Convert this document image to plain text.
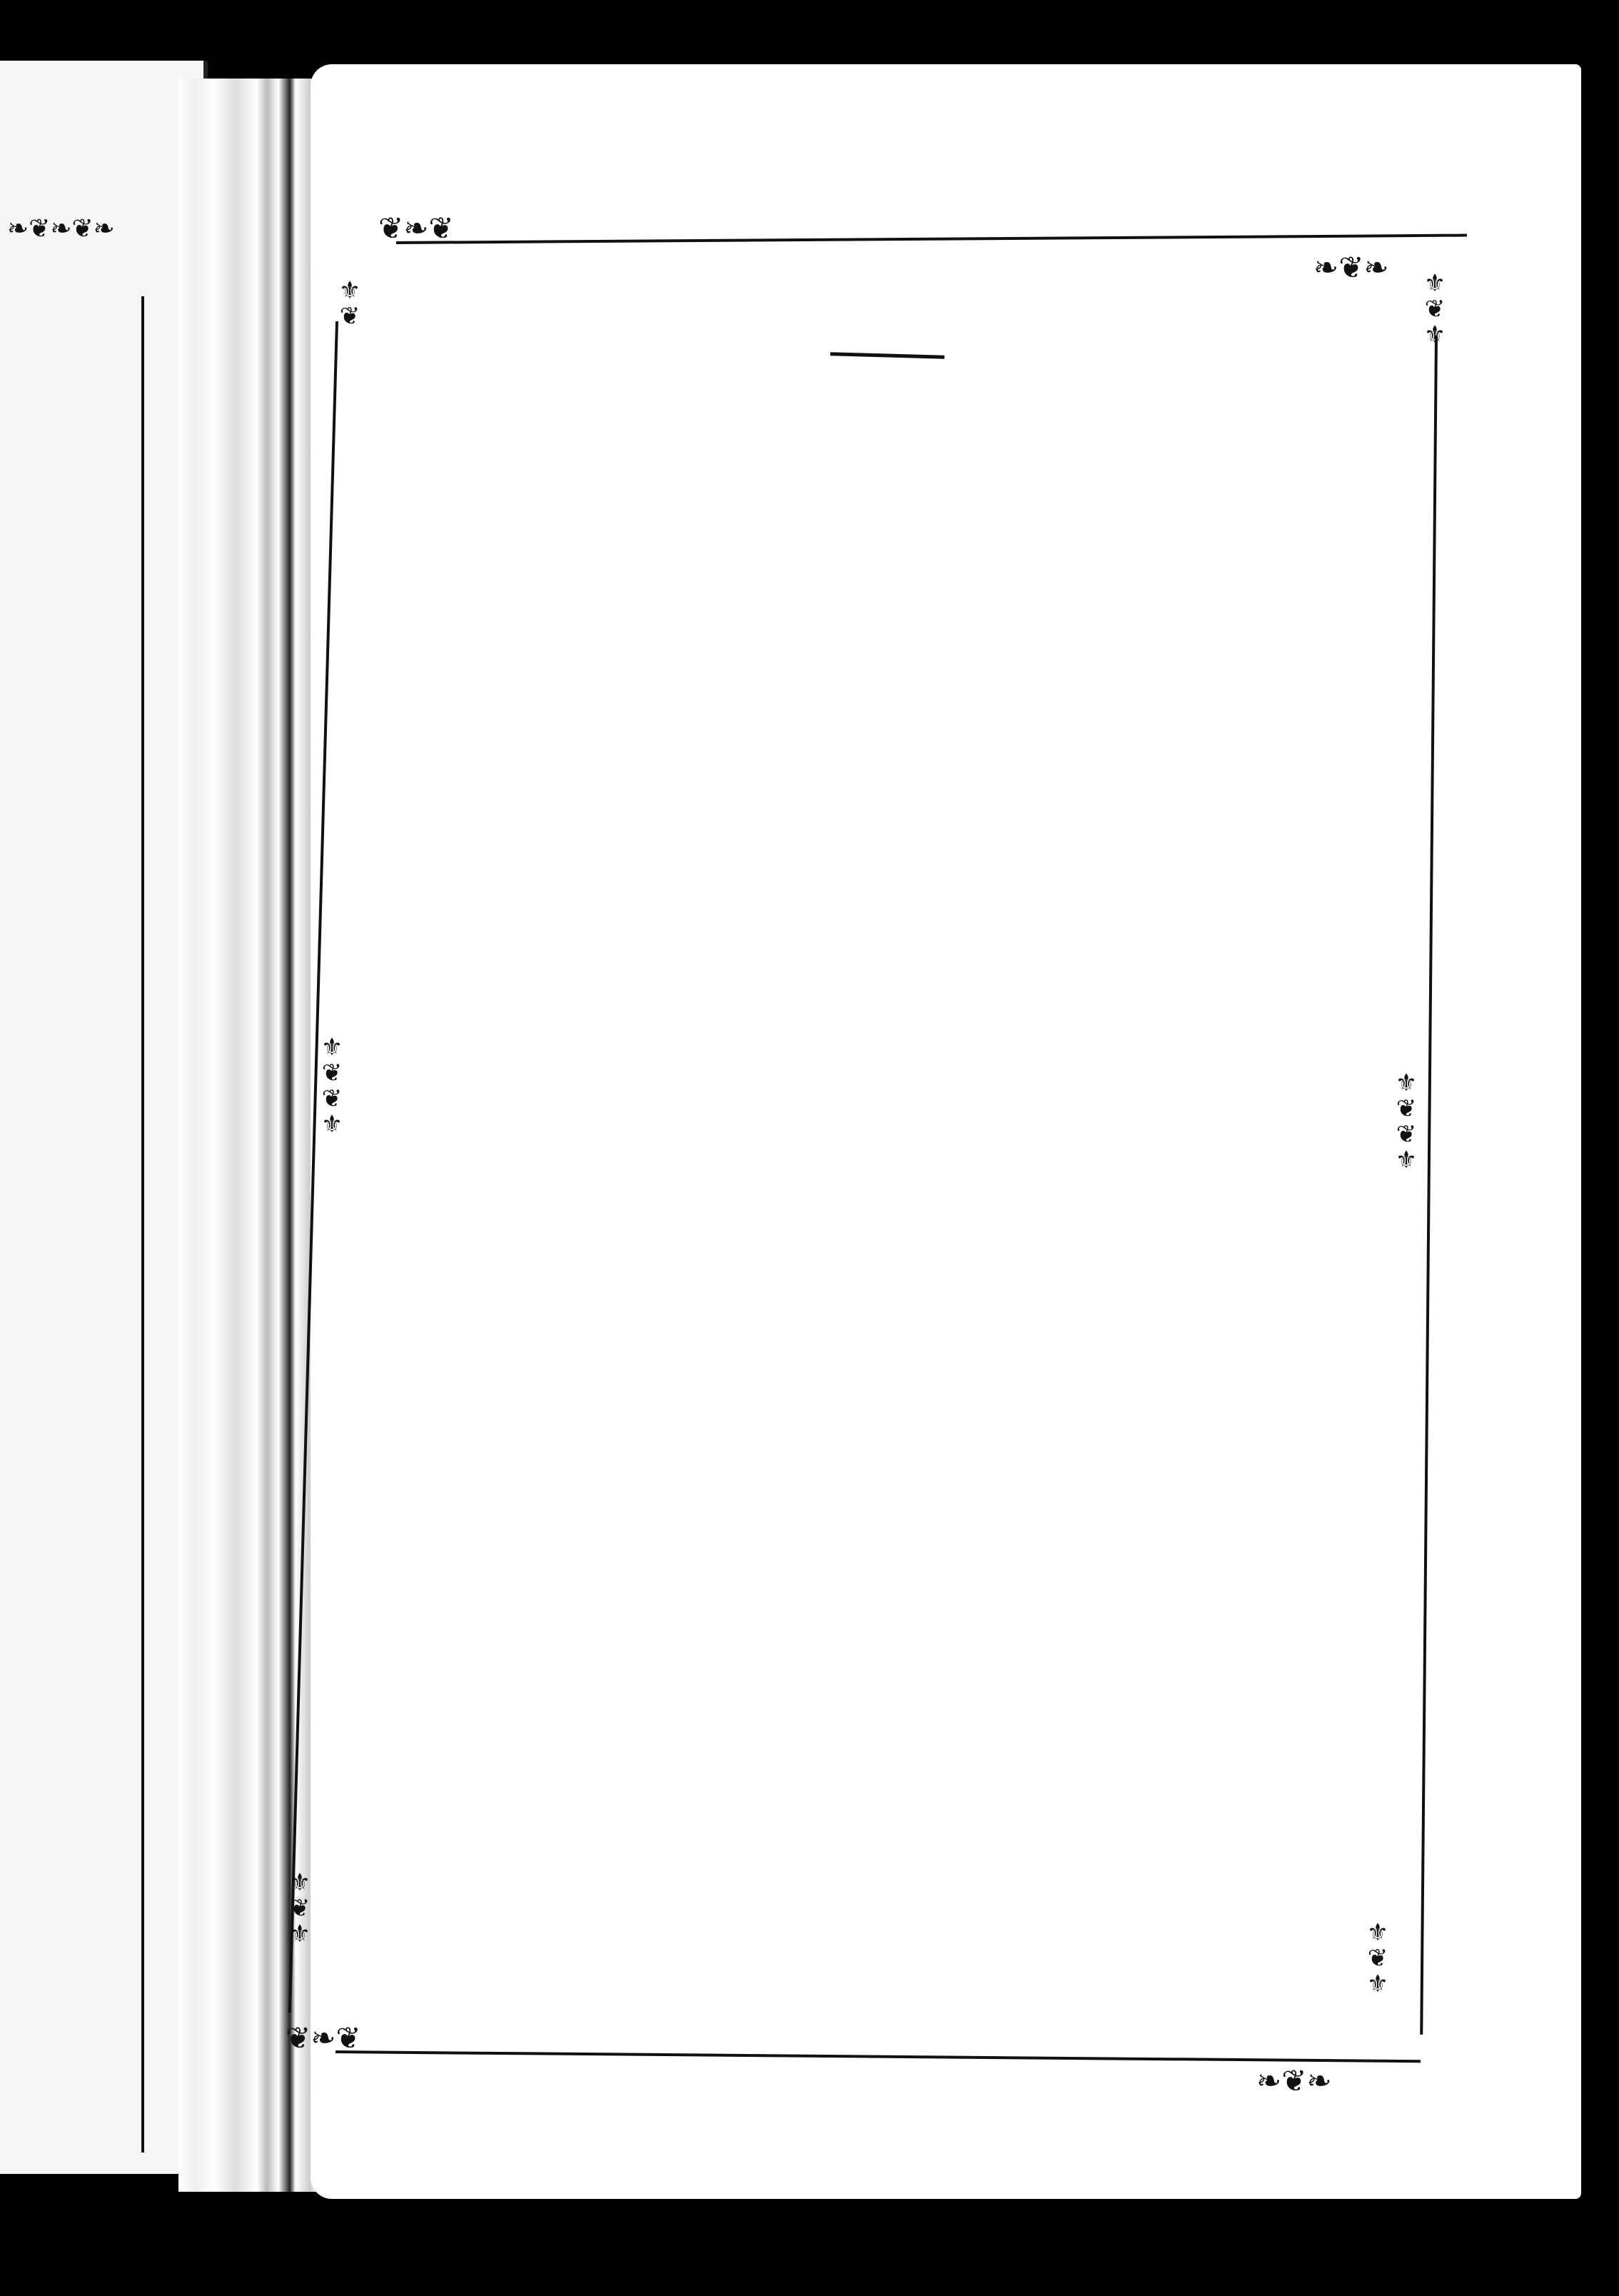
❧❦❧❦❧	❦❧❦
❧❦❧
❦❧❦
❧❦❧
⚜
❦
⚜
⚜
❦
⚜
❦
❦
⚜
⚜
❦
❦
⚜
⚜
❦
⚜	⚜
❦
⚜
